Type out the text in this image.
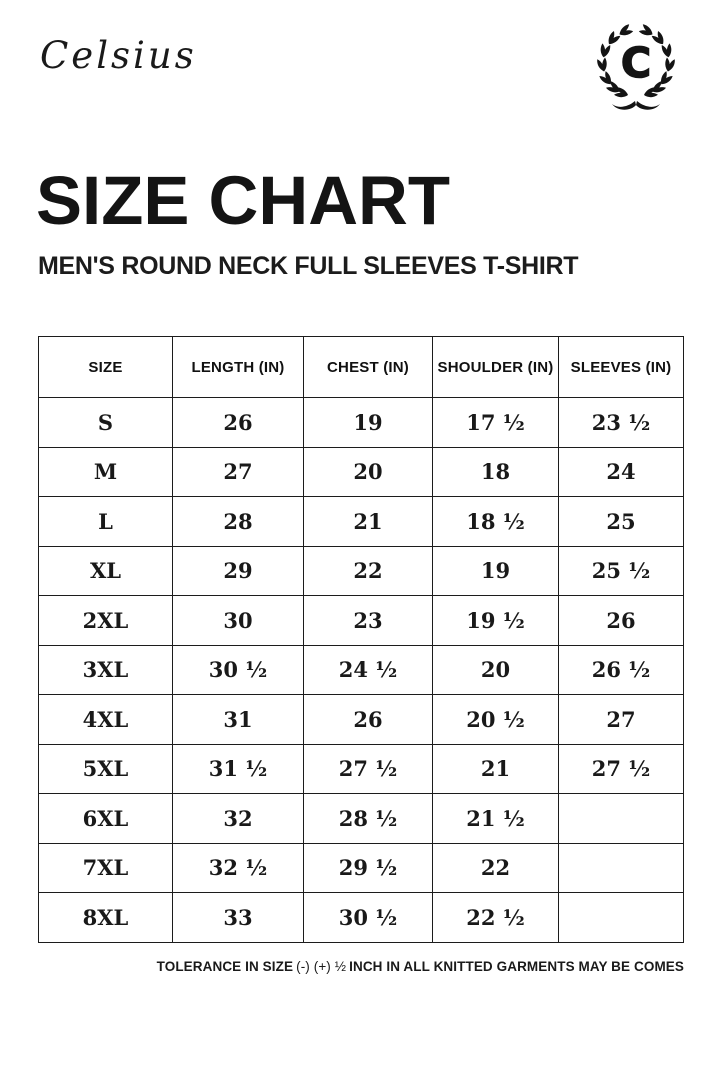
Celsius	C
SIZE CHART
MEN'S ROUND NECK FULL SLEEVES T-SHIRT
SIZE	LENGTH (IN)	CHEST (IN)	SHOULDER (IN)	SLEEVES (IN)
S	26	19	17 ½	23 ½
M	27	20	18	24
L	28	21	18 ½	25
XL	29	22	19	25 ½
2XL	30	23	19 ½	26
3XL	30 ½	24 ½	20	26 ½
4XL	31	26	20 ½	27
5XL	31 ½	27 ½	21	27 ½
6XL	32	28 ½	21 ½	
7XL	32 ½	29 ½	22	
8XL	33	30 ½	22 ½	
TOLERANCE IN SIZE (-) (+) ½ INCH IN ALL KNITTED GARMENTS MAY BE COMES
